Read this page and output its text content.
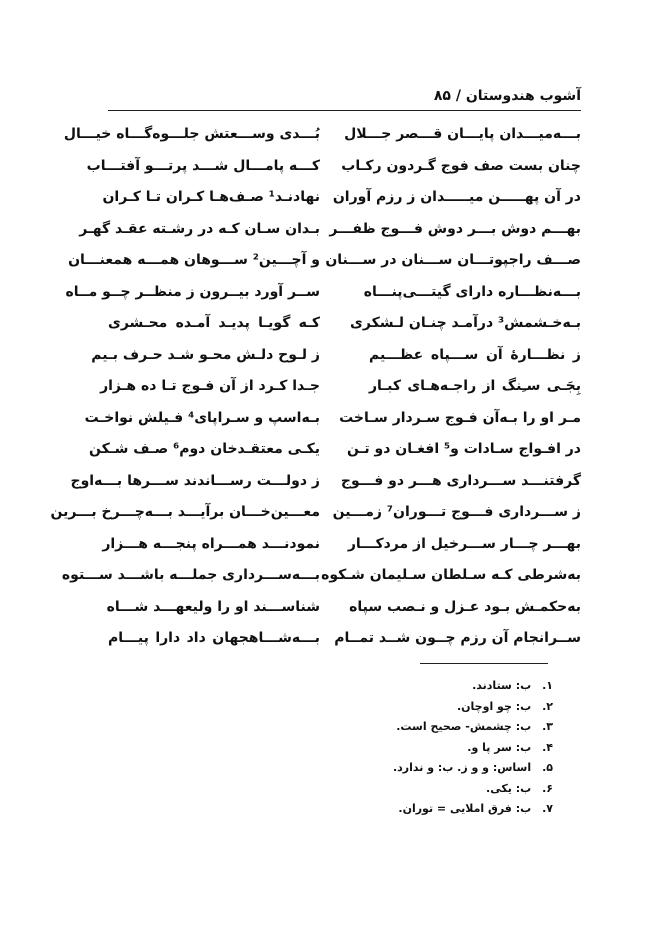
آشوب هندوستان / ۸۵
بـــه‌میـــدان پایـــان قـــصر جـــلال
بُـــدی وســـعتش جلـــوه‌گـــاه خیـــال
چنان بست صف فوج گـردون رکـاب
کـــه پامـــال شـــد پرتـــو آفتـــاب
در آن پهـــــن میـــــدان ز رزم آوران
نهادنـد¹ صـف‌هـا کـران تـا کـران
بهـــم دوش بـــر دوش فـــوج ظفـــر
بـدان سـان کـه در رشـته عقـد گهـر
صـــف راجپوتـــان ســـنان در ســـنان
و آچـــین² ســـوهان همـــه همعنـــان
بـــه‌نظـــاره دارای گیتـــی‌پنـــاه
ســر آورد بیــرون ز منظــر چــو مــاه
بـه‌خـشمش³ درآمـد چنـان لـشکری
کـه گویـا پدیـد آمـده محـشری
ز نظـــارهٔ آن ســـپاه عظـــیم
ز لـوح دلـش محـو شـد حـرف بـیم
بِجَـی سـِنگ از راجـه‌هـای کبـار
جـدا کـرد از آن فـوج تـا ده هـزار
مـر او را بـه‌آن فـوج سـردار سـاخت
بـه‌اسپ و سـراپای⁴ فـیلش نواخـت
در افـواج سـادات و⁵ افغـان دو تـن
یکـی معتقـدخان دوم⁶ صـف شـکن
گرفتنـــد ســـرداری هـــر دو فـــوج
ز دولـــت رســـاندند ســـرها بـــه‌اوج
ز ســـرداری فـــوج تـــوران⁷ زمـــین
معـــین‌خـــان برآیـــد بـــه‌چـــرخ بـــرین
بهـــر چـــار ســـرخیل از مردکـــار
نمودنـــد همـــراه پنجـــه هـــزار
به‌شرطی کـه سـلطان سـلیمان شـکوه
بـــه‌ســـرداری جملـــه باشـــد ســـتوه
به‌حکمـش بـود عـزل و نـصب سپاه
شناســـند او را ولیعهـــد شـــاه
ســرانجام آن رزم چــون شــد تمــام
بـــه‌شـــاهجهان داد دارا پیـــام
۱. ب: ستادند.
۲. ب: چو اوچان.
۳. ب: چشمش- صحیح است.
۴. ب: سر پا و.
۵. اساس: و و ز. ب: و ندارد.
۶. ب: یکی.
۷. ب: فرق املایی = توران.
